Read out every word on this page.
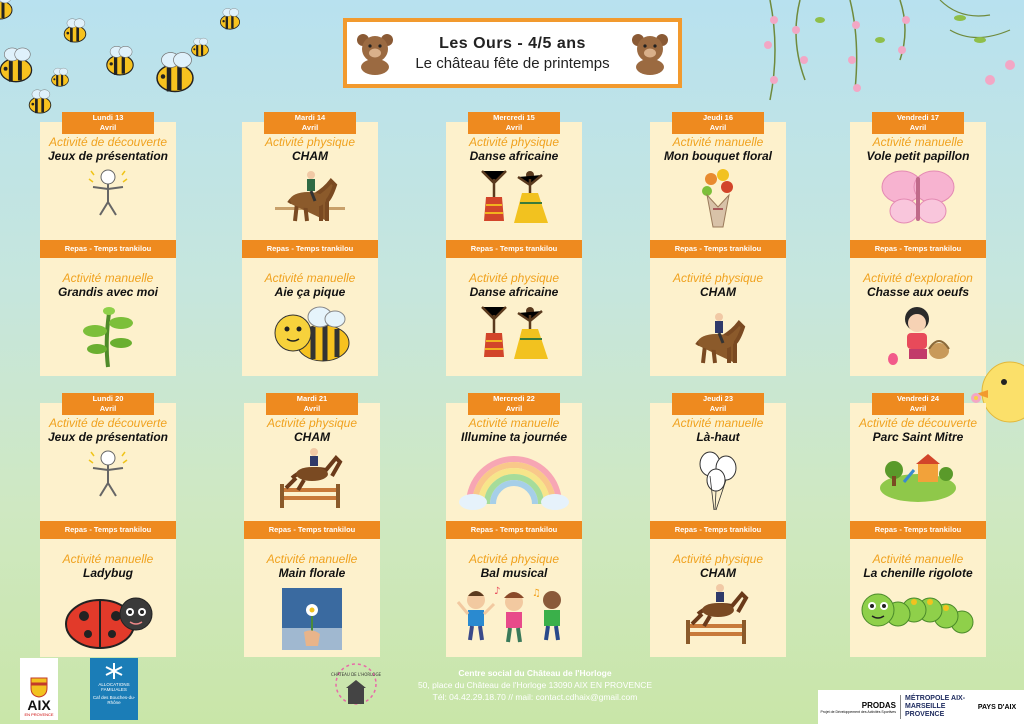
Les Ours - 4/5 ans
Le château fête de printemps
Lundi 13
Avril
Activité de découverte
Jeux de présentation
Repas - Temps trankilou
Activité manuelle
Grandis avec moi
Mardi 14
Avril
Activité physique
CHAM
Repas - Temps trankilou
Activité manuelle
Aie ça pique
Mercredi 15
Avril
Activité physique
Danse africaine
Repas - Temps trankilou
Activité physique
Danse africaine
Jeudi 16
Avril
Activité manuelle
Mon bouquet floral
Repas - Temps trankilou
Activité physique
CHAM
Vendredi 17
Avril
Activité manuelle
Vole petit papillon
Repas - Temps trankilou
Activité d'exploration
Chasse aux oeufs
Lundi 20
Avril
Activité de découverte
Jeux de présentation
Repas - Temps trankilou
Activité manuelle
Ladybug
Mardi 21
Avril
Activité physique
CHAM
Repas - Temps trankilou
Activité manuelle
Main florale
Mercredi 22
Avril
Activité manuelle
Illumine ta journée
Repas - Temps trankilou
Activité physique
Bal musical
♪	♫
Jeudi 23
Avril
Activité manuelle
Là-haut
Repas - Temps trankilou
Activité physique
CHAM
Vendredi 24
Avril
Activité de découverte
Parc Saint Mitre
Repas - Temps trankilou
Activité manuelle
La chenille rigolote
AIX
EN PROVENCE
ALLOCATIONS FAMILIALES
Caf des Bouches-du-Rhône
CHÂTEAU DE L'HORLOGE	Centre social du Château de l'Horloge
50, place du Château de l'Horloge 13090 AIX EN PROVENCE
Tél: 04.42.29.18.70 // mail: contact.cdhaix@gmail.com
PRODAS
Projet de Développement des Activités Sportives
MÉTROPOLE AIX-MARSEILLE PROVENCE
PAYS D'AIX
